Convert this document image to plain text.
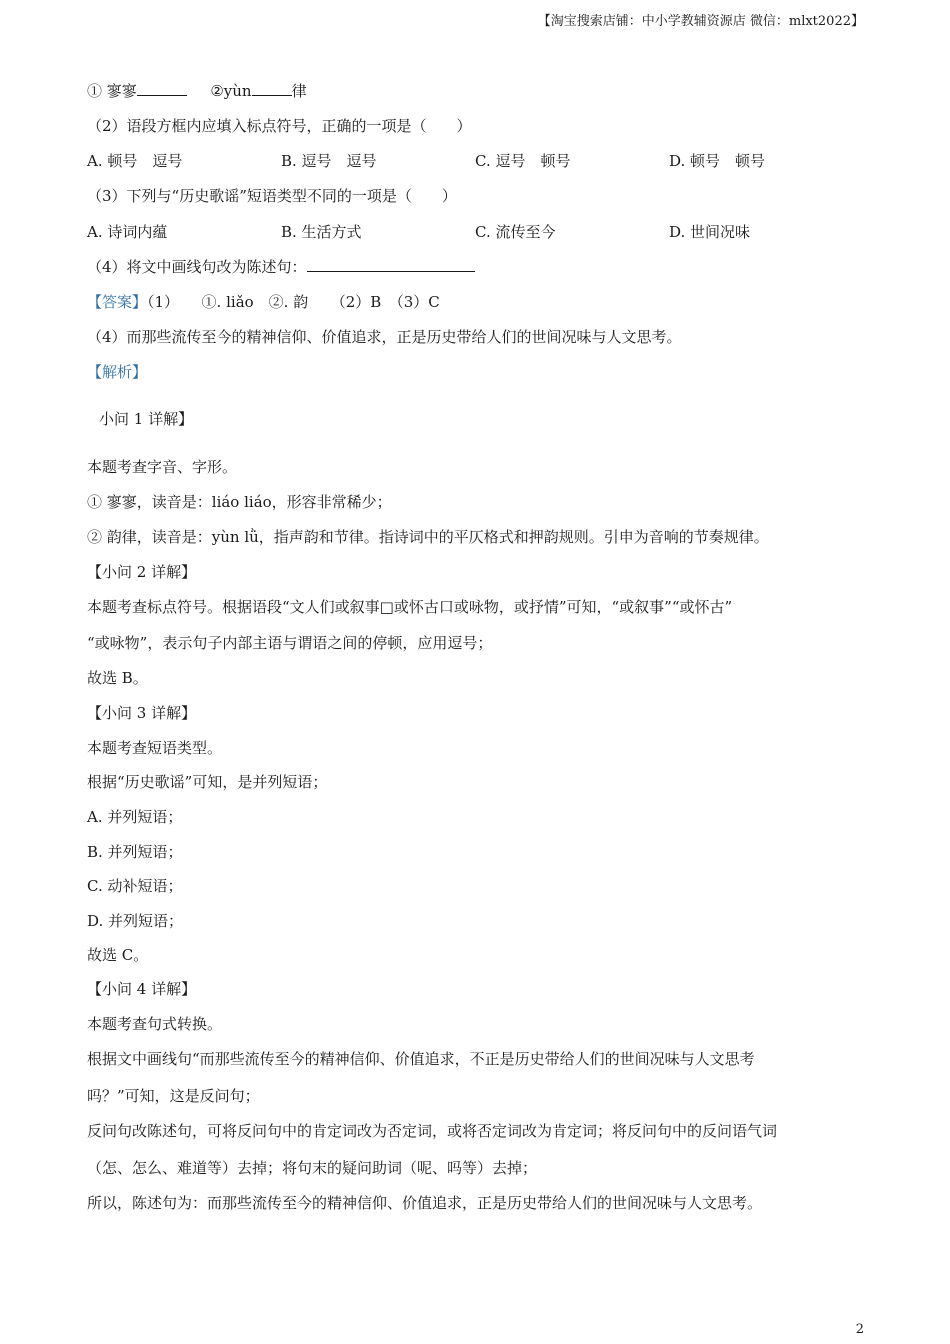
【淘宝搜索店铺：中小学教辅资源店 微信：mlxt2022】
① 寥寥	②yùn	律
（2）语段方框内应填入标点符号，正确的一项是（　　）
A. 顿号　逗号	B. 逗号　逗号	C. 逗号　顿号	D. 顿号　顿号
（3）下列与“历史歌谣”短语类型不同的一项是（　　）
A. 诗词内蕴	B. 生活方式	C. 流传至今	D. 世间况味
（4）将文中画线句改为陈述句：
【答案】（1）　　①. liǎo　②. 韵　　（2）B　（3）C
（4）而那些流传至今的精神信仰、价值追求，正是历史带给人们的世间况味与人文思考。
【解析】
小问 1 详解】
本题考查字音、字形。
① 寥寥，读音是：liáo liáo，形容非常稀少；
② 韵律，读音是：yùn lǜ，指声韵和节律。指诗词中的平仄格式和押韵规则。引申为音响的节奏规律。
【小问 2 详解】
本题考查标点符号。根据语段“文人们或叙事□或怀古口或咏物，或抒情”可知，“或叙事”“或怀古”
“或咏物”，表示句子内部主语与谓语之间的停顿，应用逗号；
故选 B。
【小问 3 详解】
本题考查短语类型。
根据“历史歌谣”可知，是并列短语；
A. 并列短语；
B. 并列短语；
C. 动补短语；
D. 并列短语；
故选 C。
【小问 4 详解】
本题考查句式转换。
根据文中画线句“而那些流传至今的精神信仰、价值追求，不正是历史带给人们的世间况味与人文思考
吗？”可知，这是反问句；
反问句改陈述句，可将反问句中的肯定词改为否定词，或将否定词改为肯定词；将反问句中的反问语气词
（怎、怎么、难道等）去掉；将句末的疑问助词（呢、吗等）去掉；
所以，陈述句为：而那些流传至今的精神信仰、价值追求，正是历史带给人们的世间况味与人文思考。
2
